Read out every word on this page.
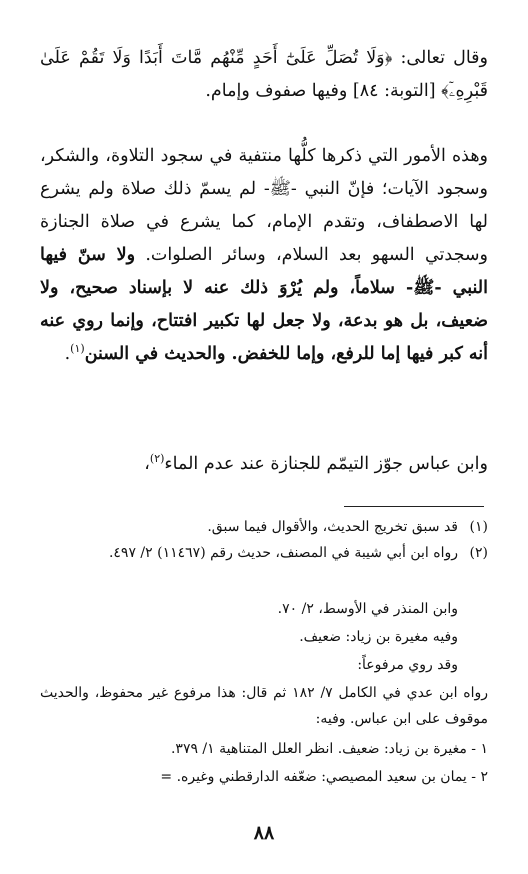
وقال تعالى: ﴿وَلَا تُصَلِّ عَلَىٰٓ أَحَدٍ مِّنْهُم مَّاتَ أَبَدًا وَلَا تَقُمْ عَلَىٰ قَبْرِهِۦٓ﴾ [التوبة: ٨٤] وفيها صفوف وإمام.

وهذه الأمور التي ذكرها كلُّها منتفية في سجود التلاوة، والشكر، وسجود الآيات؛ فإنّ النبي -ﷺ- لم يسمّ ذلك صلاة ولم يشرع لها الاصطفاف، وتقدم الإمام، كما يشرع في صلاة الجنازة وسجدتي السهو بعد السلام، وسائر الصلوات. ولا سنّ فيها النبي -ﷺ- سلاماً، ولم يُرْوَ ذلك عنه لا بإسناد صحيح، ولا ضعيف، بل هو بدعة، ولا جعل لها تكبير افتتاح، وإنما روي عنه أنه كبر فيها إما للرفع، وإما للخفض. والحديث في السنن$^{(١)}$.

وابن عباس جوّز التيمّم للجنازة عند عدم الماء$^{(٢)}$،

(١)قد سبق تخريج الحديث، والأقوال فيما سبق.
(٢)رواه ابن أبي شيبة في المصنف، حديث رقم (١١٤٦٧) ٢/ ٤٩٧.
وابن المنذر في الأوسط، ٢/ ٧٠.
وفيه مغيرة بن زياد: ضعيف.
وقد روي مرفوعاً:
رواه ابن عدي في الكامل ٧/ ١٨٢ ثم قال: هذا مرفوع غير محفوظ، والحديث موقوف على ابن عباس. وفيه:
١ - مغيرة بن زياد: ضعيف. انظر العلل المتناهية ١/ ٣٧٩.
٢ - يمان بن سعيد المصيصي: ضعّفه الدارقطني وغيره. =
٨٨
